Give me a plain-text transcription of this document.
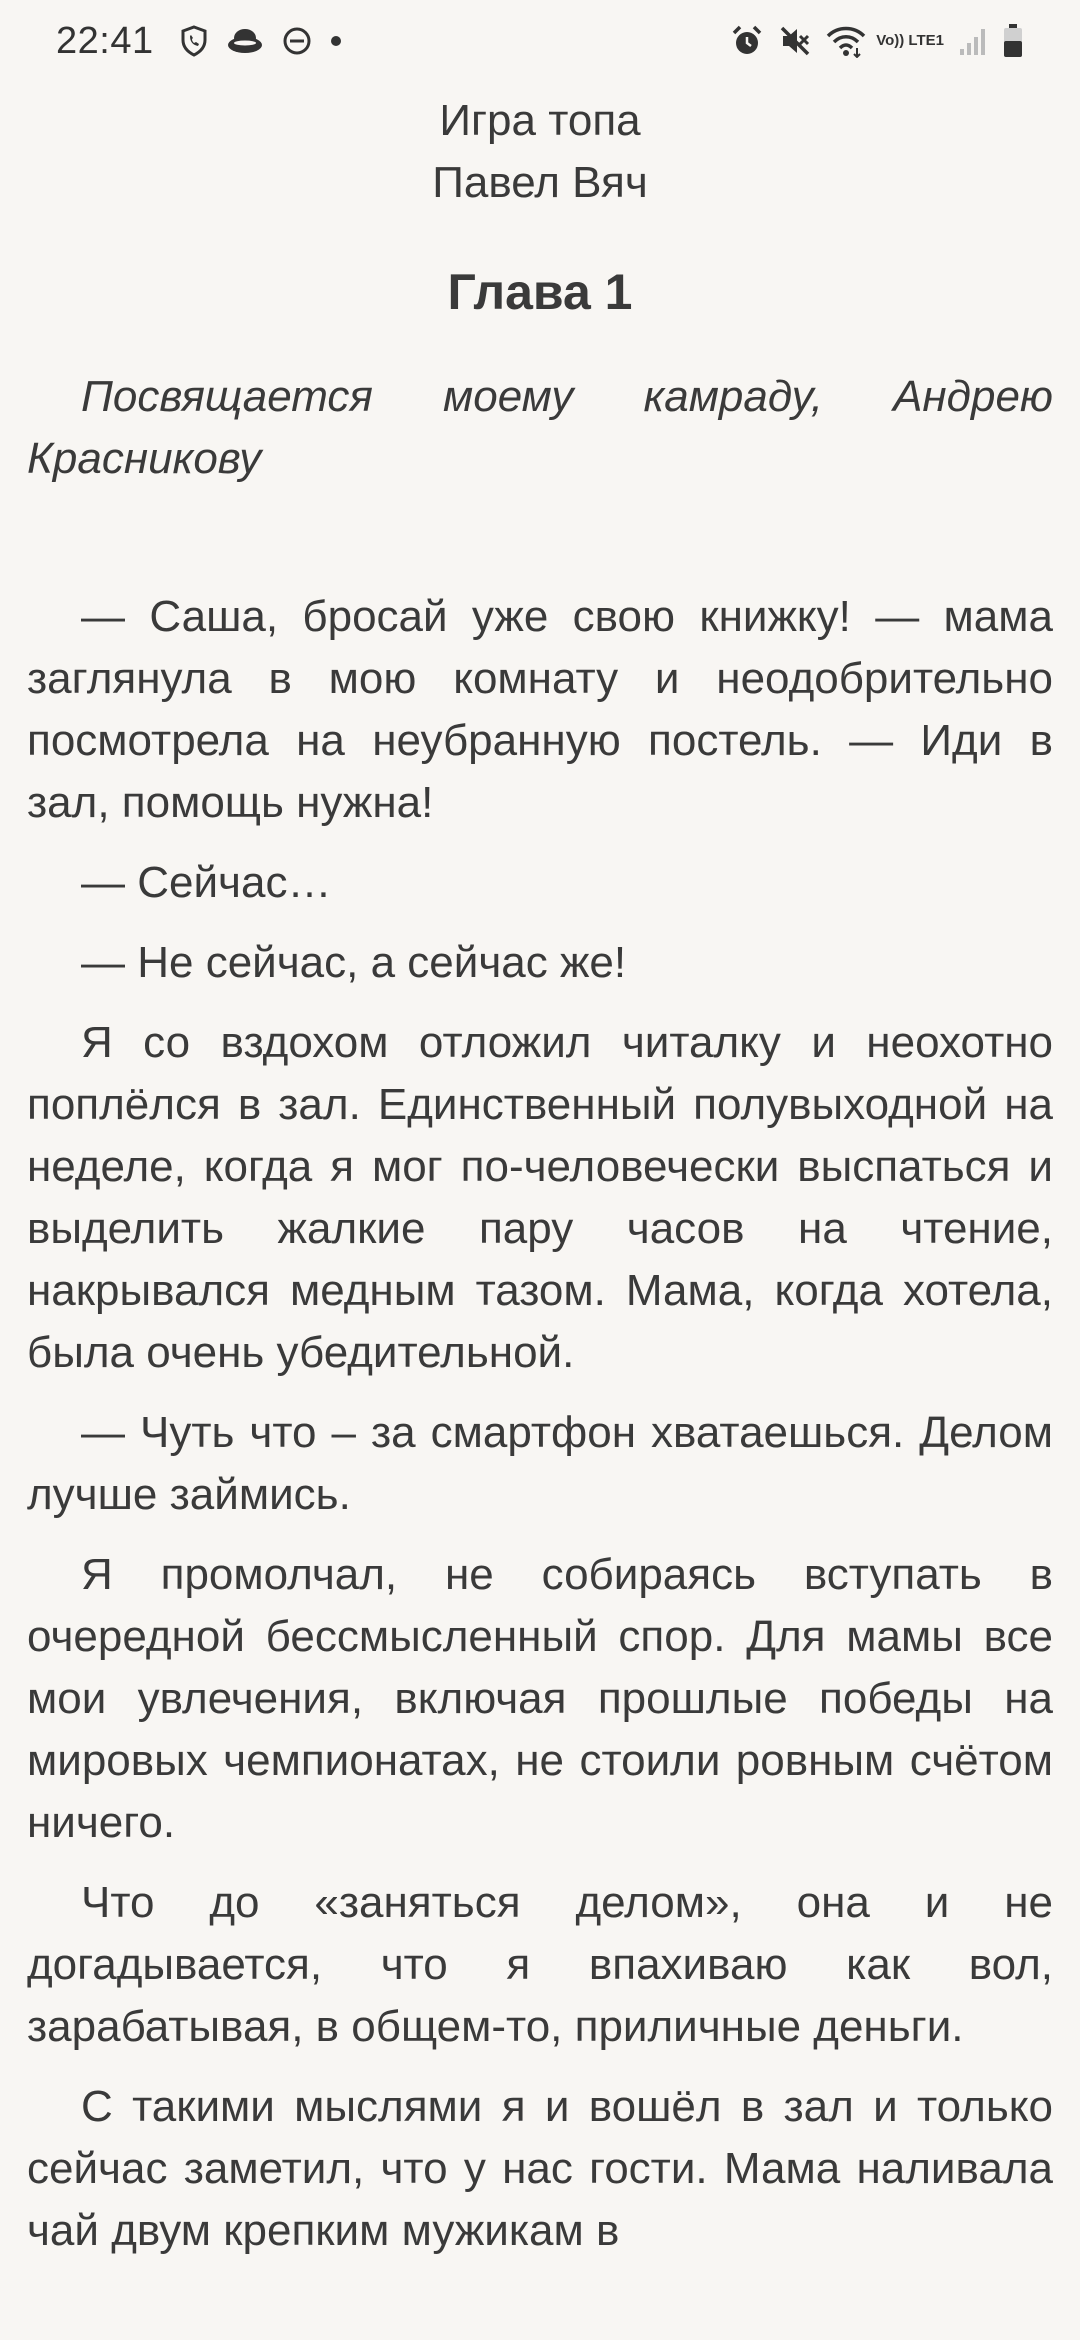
22:41	Vo)) LTE1
Игра топа
Павел Вяч
Глава 1
Посвящается моему камраду, Андрею Красникову

— Саша, бросай уже свою книжку! — мама заглянула в мою комнату и неодобрительно посмотрела на неубранную постель. — Иди в зал, помощь нужна!

— Сейчас…

— Не сейчас, а сейчас же!

Я со вздохом отложил читалку и неохотно поплёлся в зал. Единственный полувыходной на неделе, когда я мог по-человечески выспаться и выделить жалкие пару часов на чтение, накрывался медным тазом. Мама, когда хотела, была очень убедительной.

— Чуть что – за смартфон хватаешься. Делом лучше займись.

Я промолчал, не собираясь вступать в очередной бессмысленный спор. Для мамы все мои увлечения, включая прошлые победы на мировых чемпионатах, не стоили ровным счётом ничего.

Что до «заняться делом», она и не догадывается, что я впахиваю как вол, зарабатывая, в общем-то, приличные деньги.

С такими мыслями я и вошёл в зал и только сейчас заметил, что у нас гости. Мама наливала чай двум крепким мужикам в
